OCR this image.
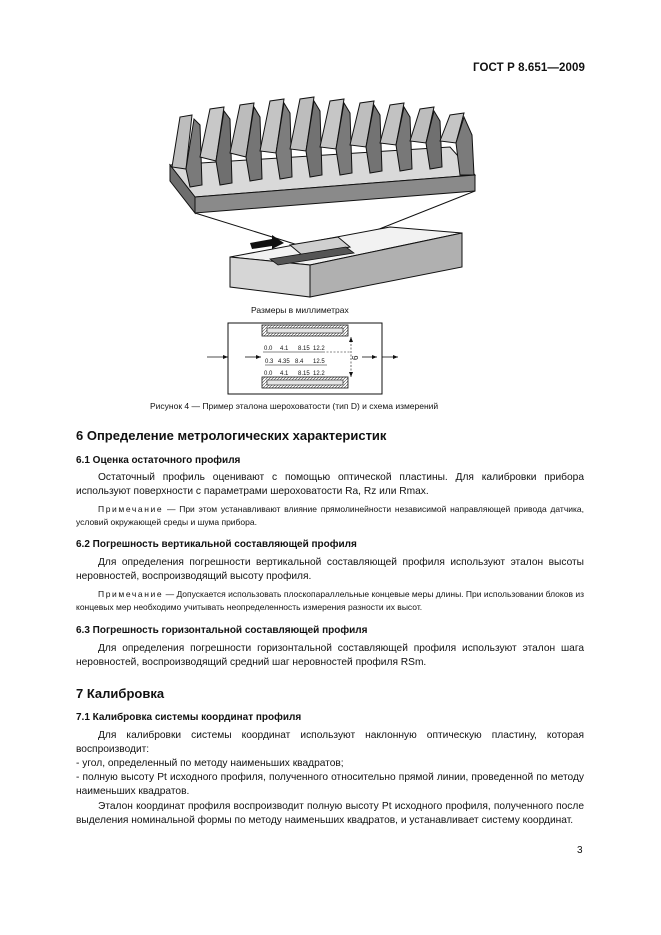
ГОСТ Р 8.651—2009
Размеры в миллиметрах
0.0 4.1 8.15 12.2
0.3 4.35 8.4 12.5
0.0 4.1 8.15 12.2
6
Рисунок 4 — Пример эталона шероховатости (тип D) и схема измерений
6 Определение метрологических характеристик
6.1 Оценка остаточного профиля
Остаточный профиль оценивают с помощью оптической пластины. Для калибровки прибора используют поверхности с параметрами шероховатости Ra, Rz или Rmax.
Примечание — При этом устанавливают влияние прямолинейности независимой направляющей привода датчика, условий окружающей среды и шума прибора.
6.2 Погрешность вертикальной составляющей профиля
Для определения погрешности вертикальной составляющей профиля используют эталон высоты неровностей, воспроизводящий высоту профиля.
Примечание — Допускается использовать плоскопараллельные концевые меры длины. При использовании блоков из концевых мер необходимо учитывать неопределенность измерения разности их высот.
6.3 Погрешность горизонтальной составляющей профиля
Для определения погрешности горизонтальной составляющей профиля используют эталон шага неровностей, воспроизводящий средний шаг неровностей профиля RSm.
7 Калибровка
7.1 Калибровка системы координат профиля
Для калибровки системы координат используют наклонную оптическую пластину, которая воспроизводит:
- угол, определенный по методу наименьших квадратов;
- полную высоту Pt исходного профиля, полученного относительно прямой линии, проведенной по методу наименьших квадратов.
Эталон координат профиля воспроизводит полную высоту Pt исходного профиля, полученного после выделения номинальной формы по методу наименьших квадратов, и устанавливает систему координат.
3
